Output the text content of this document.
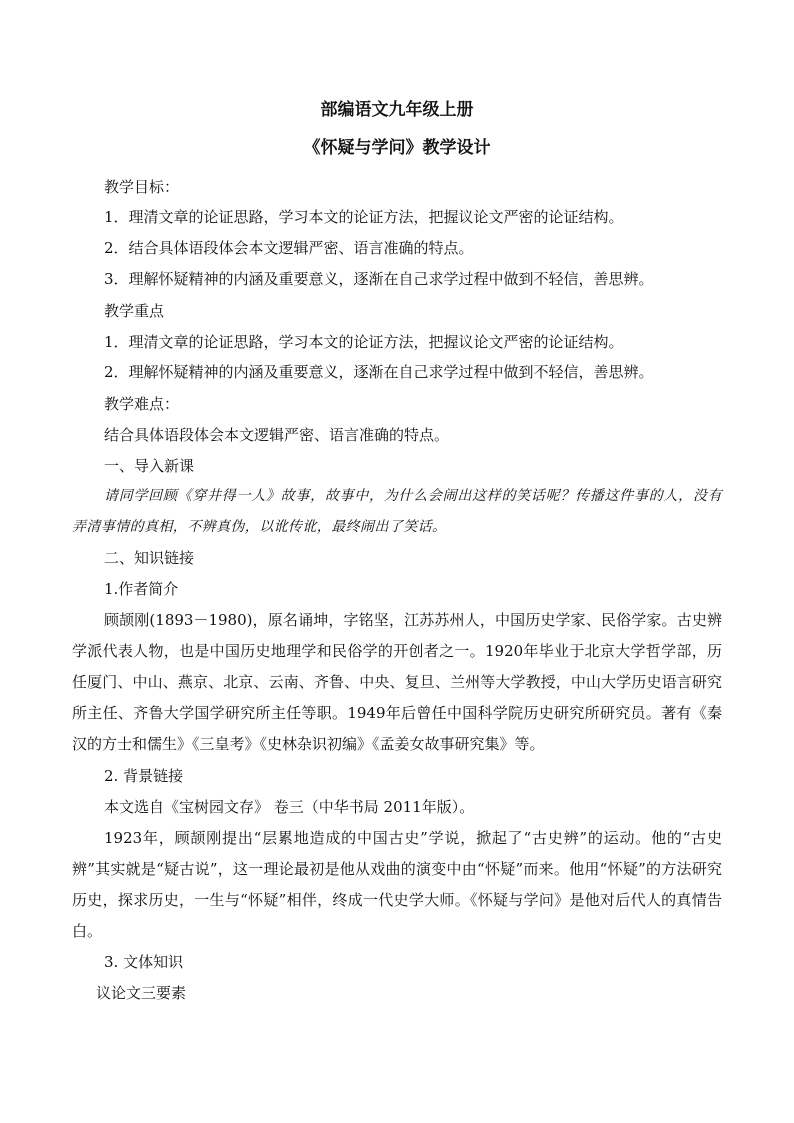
部编语文九年级上册
《怀疑与学问》教学设计

教学目标：

1．理清文章的论证思路，学习本文的论证方法，把握议论文严密的论证结构。

2．结合具体语段体会本文逻辑严密、语言准确的特点。

3．理解怀疑精神的内涵及重要意义，逐渐在自己求学过程中做到不轻信，善思辨。

教学重点

1．理清文章的论证思路，学习本文的论证方法，把握议论文严密的论证结构。

2．理解怀疑精神的内涵及重要意义，逐渐在自己求学过程中做到不轻信，善思辨。

教学难点：

结合具体语段体会本文逻辑严密、语言准确的特点。

一、导入新课

请同学回顾《穿井得一人》故事，故事中，为什么会闹出这样的笑话呢？传播这件事的人，没有弄清事情的真相，不辨真伪，以讹传讹，最终闹出了笑话。

二、知识链接

1.作者简介

顾颉刚(1893－1980)，原名诵坤，字铭坚，江苏苏州人，中国历史学家、民俗学家。古史辨学派代表人物，也是中国历史地理学和民俗学的开创者之一。1920年毕业于北京大学哲学部，历任厦门、中山、燕京、北京、云南、齐鲁、中央、复旦、兰州等大学教授，中山大学历史语言研究所主任、齐鲁大学国学研究所主任等职。1949年后曾任中国科学院历史研究所研究员。著有《秦汉的方士和儒生》《三皇考》《史林杂识初编》《孟姜女故事研究集》等。

2. 背景链接

本文选自《宝树园文存》 卷三（中华书局 2011年版）。

1923年，顾颉刚提出“层累地造成的中国古史”学说，掀起了“古史辨”的运动。他的“古史辨”其实就是“疑古说”，这一理论最初是他从戏曲的演变中由“怀疑”而来。他用“怀疑”的方法研究历史，探求历史，一生与“怀疑”相伴，终成一代史学大师。《怀疑与学问》是他对后代人的真情告白。

3. 文体知识

议论文三要素
